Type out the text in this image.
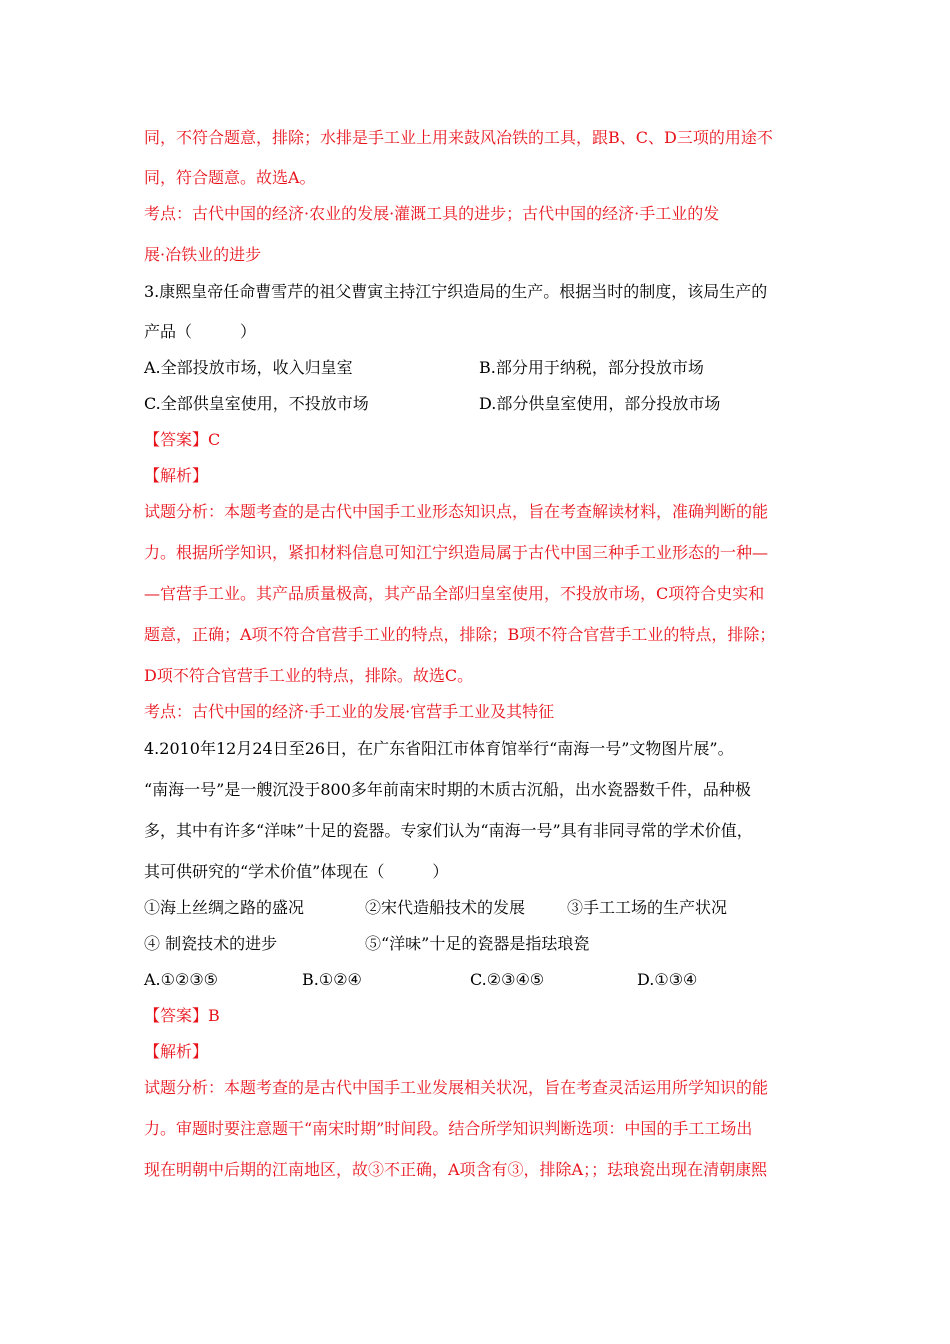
同，不符合题意，排除；水排是手工业上用来鼓风冶铁的工具，跟B、C、D三项的用途不
同，符合题意。故选A。
考点：古代中国的经济·农业的发展·灌溉工具的进步；古代中国的经济·手工业的发
展·冶铁业的进步
3.康熙皇帝任命曹雪芹的祖父曹寅主持江宁织造局的生产。根据当时的制度，该局生产的
产品（　　　）
A.全部投放市场，收入归皇室	B.部分用于纳税，部分投放市场
C.全部供皇室使用，不投放市场	D.部分供皇室使用，部分投放市场
【答案】C
【解析】
试题分析：本题考查的是古代中国手工业形态知识点，旨在考查解读材料，准确判断的能
力。根据所学知识，紧扣材料信息可知江宁织造局属于古代中国三种手工业形态的一种—
—官营手工业。其产品质量极高，其产品全部归皇室使用，不投放市场，C项符合史实和
题意，正确；A项不符合官营手工业的特点，排除；B项不符合官营手工业的特点，排除；
D项不符合官营手工业的特点，排除。故选C。
考点：古代中国的经济·手工业的发展·官营手工业及其特征
4.2010年12月24日至26日，在广东省阳江市体育馆举行“南海一号”文物图片展”。
“南海一号”是一艘沉没于800多年前南宋时期的木质古沉船，出水瓷器数千件，品种极
多，其中有许多“洋味”十足的瓷器。专家们认为“南海一号”具有非同寻常的学术价值，
其可供研究的“学术价值”体现在（　　　）
①海上丝绸之路的盛况	②宋代造船技术的发展	③手工工场的生产状况
④ 制瓷技术的进步	⑤“洋味”十足的瓷器是指珐琅瓷
A.①②③⑤	B.①②④	C.②③④⑤	D.①③④
【答案】B
【解析】
试题分析：本题考查的是古代中国手工业发展相关状况，旨在考查灵活运用所学知识的能
力。审题时要注意题干“南宋时期”时间段。结合所学知识判断选项：中国的手工工场出
现在明朝中后期的江南地区，故③不正确，A项含有③，排除A；；珐琅瓷出现在清朝康熙
